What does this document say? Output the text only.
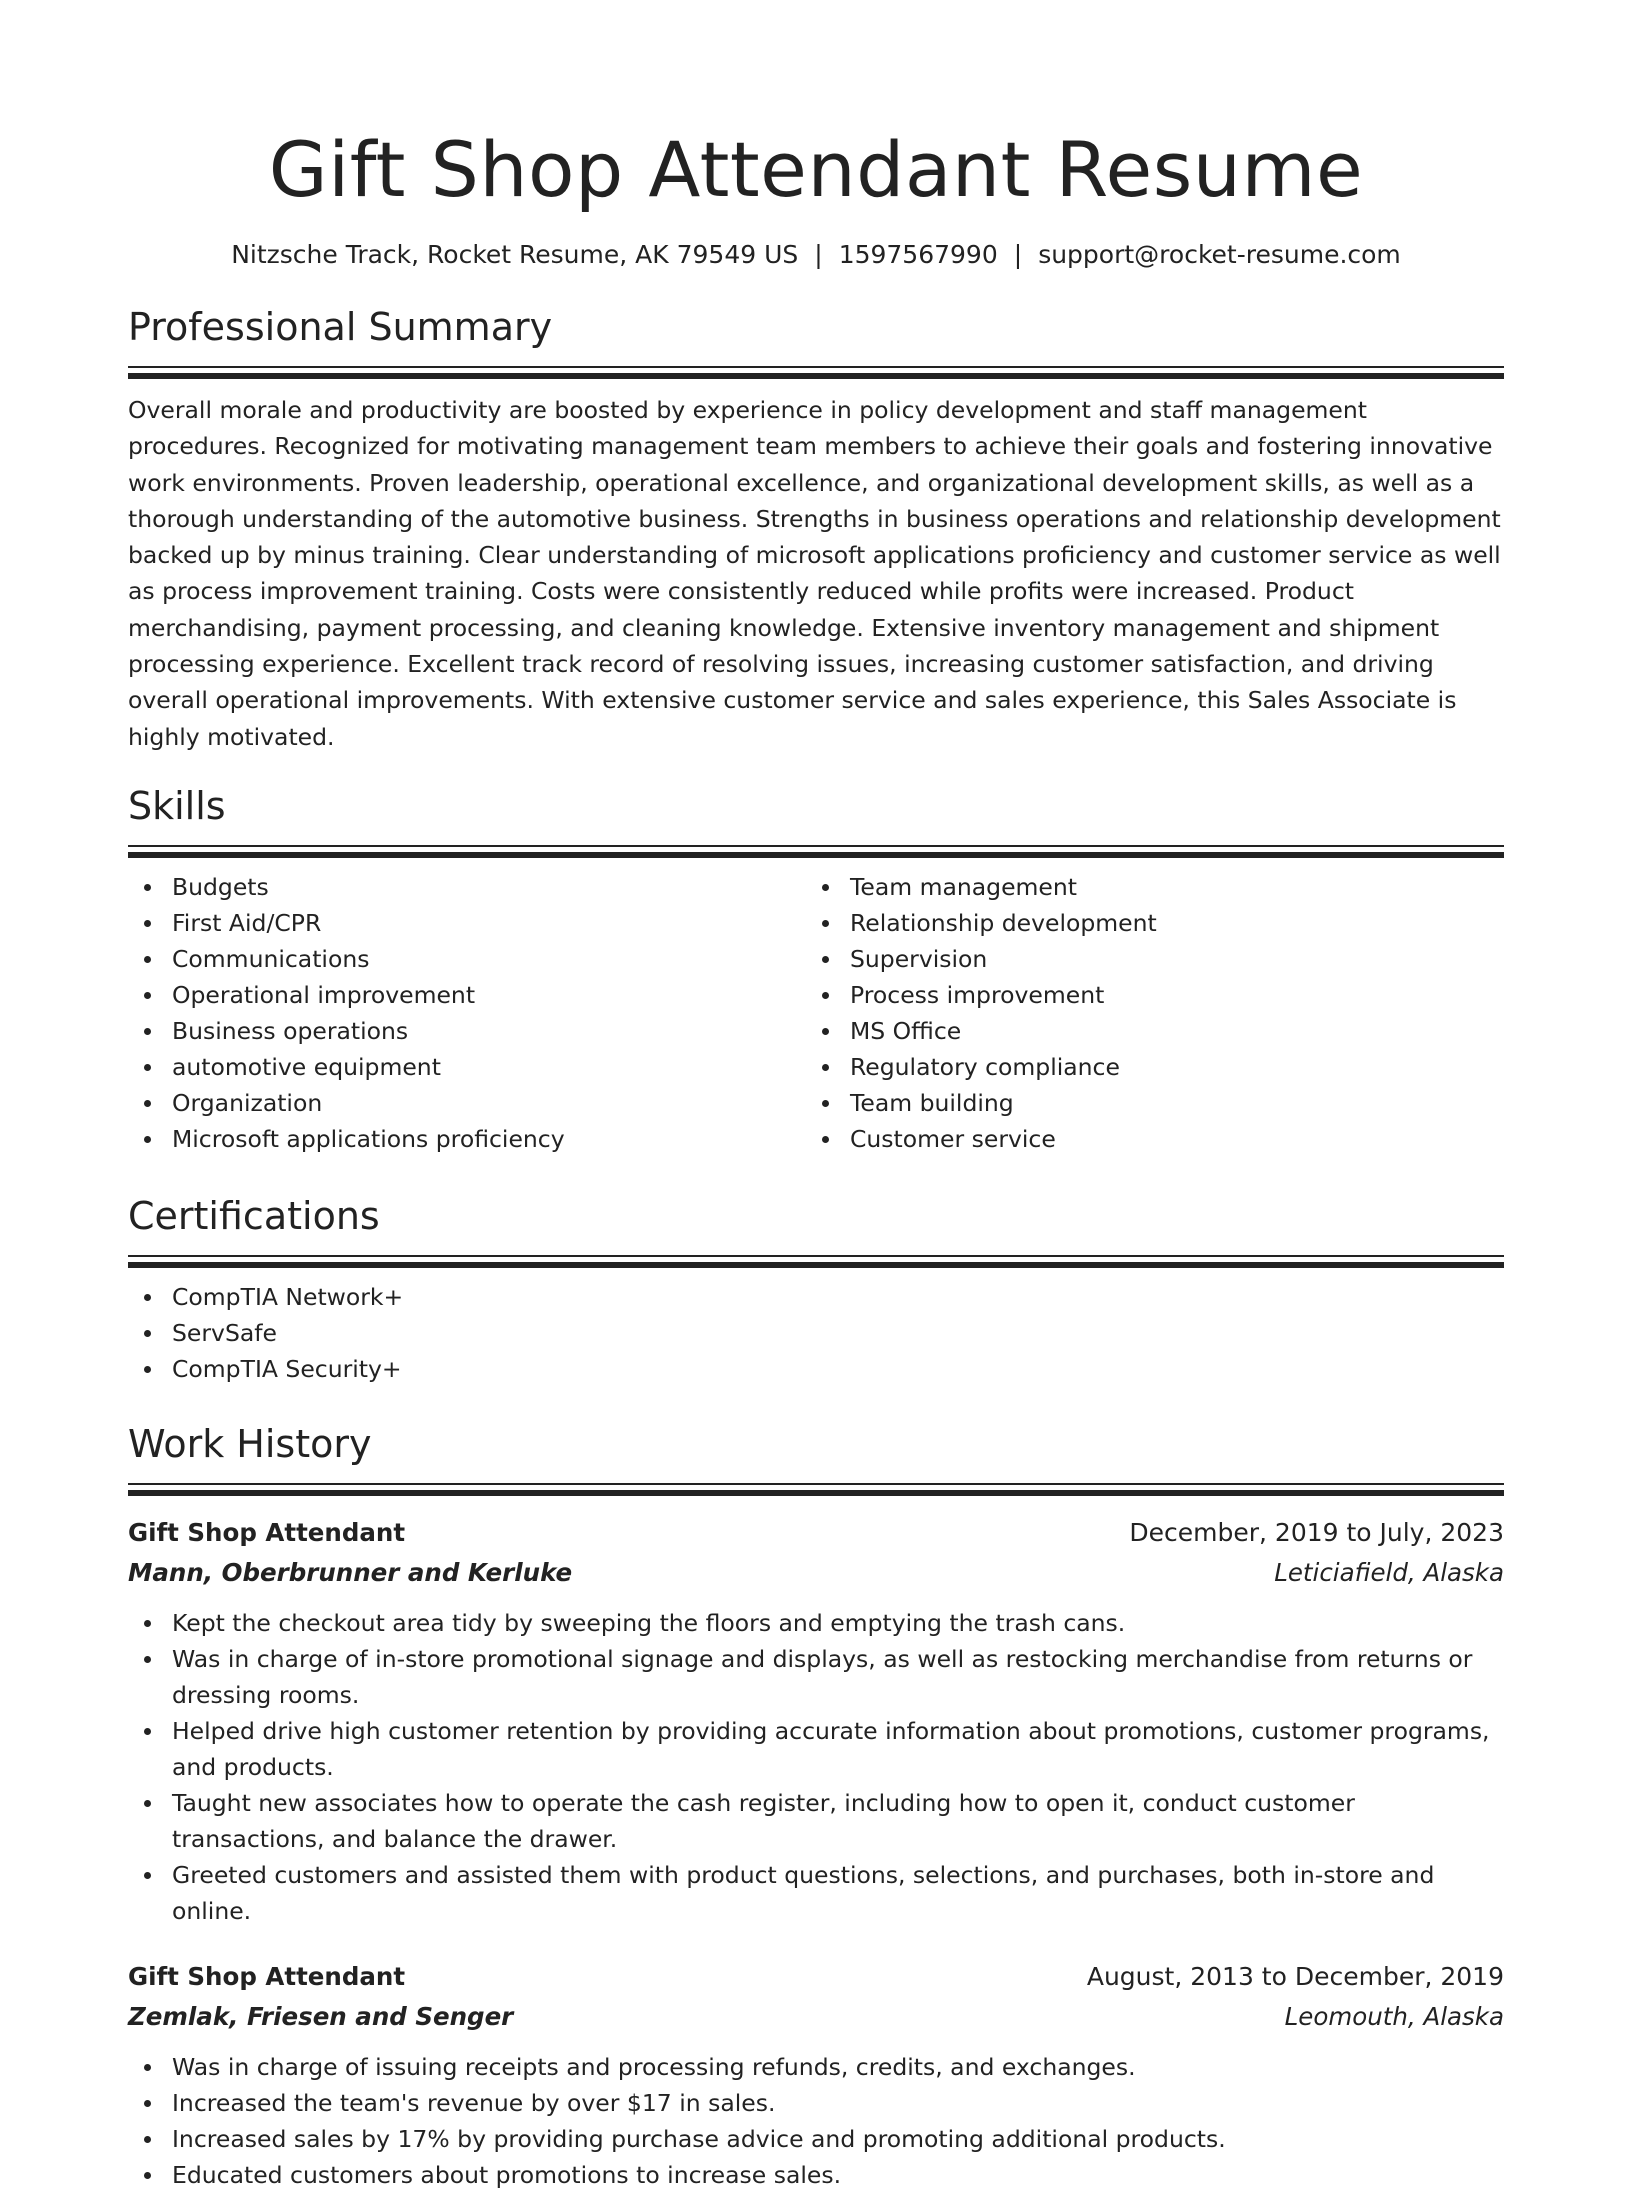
Gift Shop Attendant Resume
Nitzsche Track, Rocket Resume, AK 79549 US | 1597567990 | support@rocket-resume.com
Professional Summary
Overall morale and productivity are boosted by experience in policy development and staff management procedures. Recognized for motivating management team members to achieve their goals and fostering innovative work environments. Proven leadership, operational excellence, and organizational development skills, as well as a thorough understanding of the automotive business. Strengths in business operations and relationship development backed up by minus training. Clear understanding of microsoft applications proficiency and customer service as well as process improvement training. Costs were consistently reduced while profits were increased. Product merchandising, payment processing, and cleaning knowledge. Extensive inventory management and shipment processing experience. Excellent track record of resolving issues, increasing customer satisfaction, and driving overall operational improvements. With extensive customer service and sales experience, this Sales Associate is highly motivated.
Skills
Budgets
First Aid/CPR
Communications
Operational improvement
Business operations
automotive equipment
Organization
Microsoft applications proficiency
Team management
Relationship development
Supervision
Process improvement
MS Office
Regulatory compliance
Team building
Customer service
Certifications
CompTIA Network+
ServSafe
CompTIA Security+
Work History
Gift Shop Attendant	December, 2019 to July, 2023
Mann, Oberbrunner and Kerluke	Leticiafield, Alaska
Kept the checkout area tidy by sweeping the floors and emptying the trash cans.
Was in charge of in-store promotional signage and displays, as well as restocking merchandise from returns or dressing rooms.
Helped drive high customer retention by providing accurate information about promotions, customer programs, and products.
Taught new associates how to operate the cash register, including how to open it, conduct customer transactions, and balance the drawer.
Greeted customers and assisted them with product questions, selections, and purchases, both in-store and online.
Gift Shop Attendant	August, 2013 to December, 2019
Zemlak, Friesen and Senger	Leomouth, Alaska
Was in charge of issuing receipts and processing refunds, credits, and exchanges.
Increased the team's revenue by over $17 in sales.
Increased sales by 17% by providing purchase advice and promoting additional products.
Educated customers about promotions to increase sales.
